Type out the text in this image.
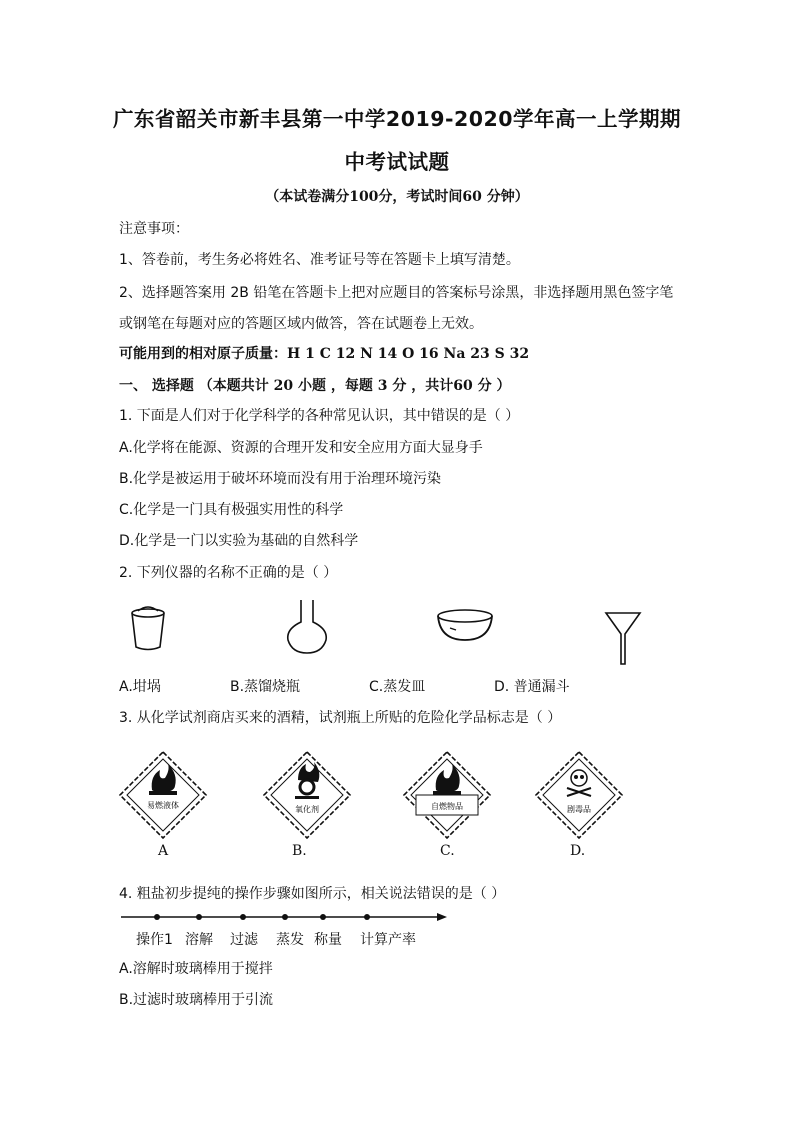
广东省韶关市新丰县第一中学2019-2020学年高一上学期期
中考试试题
（本试卷满分100分，考试时间60 分钟）
注意事项：
1、答卷前，考生务必将姓名、准考证号等在答题卡上填写清楚。
2、选择题答案用 2B 铅笔在答题卡上把对应题目的答案标号涂黑，非选择题用黑色签字笔
或钢笔在每题对应的答题区域内做答，答在试题卷上无效。
可能用到的相对原子质量：H 1 C 12 N 14 O 16 Na 23 S 32
一、 选择题 （本题共计 20 小题 ，每题 3 分 ，共计60 分 ）
1. 下面是人们对于化学科学的各种常见认识，其中错误的是（ ）
A.化学将在能源、资源的合理开发和安全应用方面大显身手
B.化学是被运用于破坏环境而没有用于治理环境污染
C.化学是一门具有极强实用性的科学
D.化学是一门以实验为基础的自然科学
2. 下列仪器的名称不正确的是（ ）
A.坩埚	B.蒸馏烧瓶	C.蒸发皿	D. 普通漏斗
3. 从化学试剂商店买来的酒精，试剂瓶上所贴的危险化学品标志是（ ）
易燃液体	氧化剂	自燃物品	剧毒品
A	B.	C.	D.
4. 粗盐初步提纯的操作步骤如图所示，相关说法错误的是（ ）
操作1 溶解 过滤 蒸发 称量 计算产率
A.溶解时玻璃棒用于搅拌
B.过滤时玻璃棒用于引流
